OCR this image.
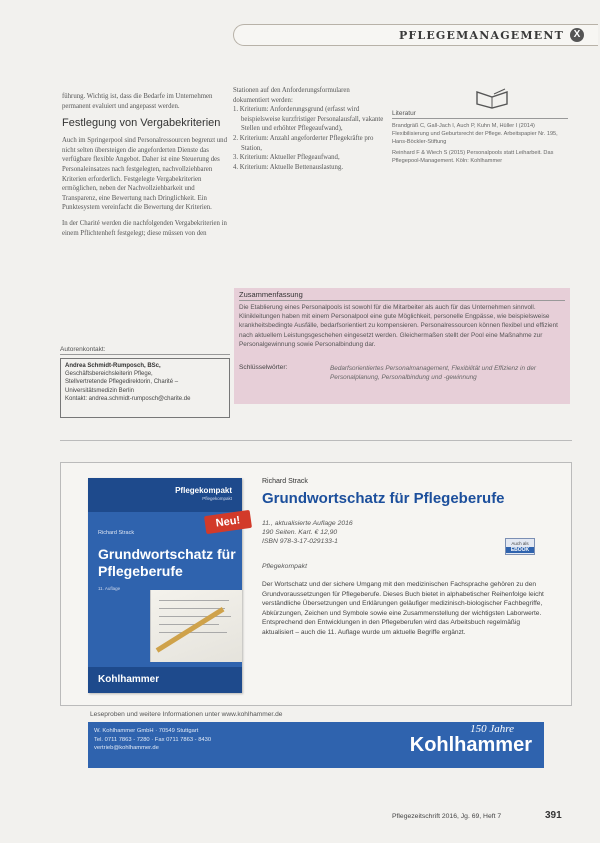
PFLEGEMANAGEMENT X

führung. Wichtig ist, dass die Bedarfe im Unternehmen permanent evaluiert und angepasst werden.

Festlegung von Vergabekriterien

Auch im Springerpool sind Personalressourcen begrenzt und nicht selten übersteigen die angeforderten Dienste das verfügbare flexible Angebot. Daher ist eine Steuerung des Personaleinsatzes nach festgelegten, nachvollziehbaren Kriterien erforderlich. Festgelegte Vergabekriterien ermöglichen, neben der Nachvollziehbarkeit und Transparenz, eine Bewertung nach Dringlichkeit. Ein Punktesystem vereinfacht die Bewertung der Kriterien.

In der Charité werden die nachfolgenden Vergabekriterien in einem Pflichtenheft festgelegt; diese müssen von den

Stationen auf den Anforderungsformularen dokumentiert werden:

1. Kriterium: Anforderungsgrund (erfasst wird beispielsweise kurzfristiger Personalausfall, vakante Stellen und erhöhter Pflegeaufwand),
2. Kriterium: Anzahl angeforderter Pflegekräfte pro Station,
3. Kriterium: Aktueller Pflegeaufwand,
4. Kriterium: Aktuelle Bettenauslastung.
Literatur

Brandgräß C, Gall-Jach I, Auch P, Kuhn M, Hüller I (2014) Flexibilisierung und Geburtsrecht der Pflege. Arbeitspapier Nr. 195, Hans-Böckler-Stiftung

Reinhard F & Wiech S (2015) Personalpools statt Leiharbeit. Das Pflegepool-Management. Köln: Kohlhammer

Autorenkontakt:
Andrea Schmidt-Rumposch, BSc,
Geschäftsbereichsleiterin Pflege,
Stellvertretende Pflegedirektorin, Charité – Universitätsmedizin Berlin
Kontakt: andrea.schmidt-rumposch@charite.de
Zusammenfassung
Die Etablierung eines Personalpools ist sowohl für die Mitarbeiter als auch für das Unternehmen sinnvoll. Klinikleitungen haben mit einem Personalpool eine gute Möglichkeit, personelle Engpässe, wie beispielsweise krankheitsbedingte Ausfälle, bedarfsorientiert zu kompensieren. Personalressourcen können flexibel und effizient nach aktuellem Leistungsgeschehen eingesetzt werden. Gleichermaßen stellt der Pool eine Maßnahme zur Personalgewinnung sowie Personalbindung dar.
Schlüsselwörter:	Bedarfsorientiertes Personalmanagement, Flexibilität und Effizienz in der Personalplanung, Personalbindung und -gewinnung
Pflegekompakt
Pflegekompakt
Richard Strack
Grundwortschatz für Pflegeberufe
11. Auflage
Kohlhammer
Neu!
Richard Strack
Grundwortschatz für Pflegeberufe
11., aktualisierte Auflage 2016
190 Seiten. Kart. € 12,90
ISBN 978-3-17-029133-1	Auch als
EBOOK
Pflegekompakt
Der Wortschatz und der sichere Umgang mit den medizinischen Fachsprache gehören zu den Grundvoraussetzungen für Pflegeberufe. Dieses Buch bietet in alphabetischer Reihenfolge leicht verständliche Übersetzungen und Erklärungen geläufiger medizinisch-biologischer Fachbegriffe, Abkürzungen, Zeichen und Symbole sowie eine Zusammenstellung der wichtigsten Laborwerte. Entsprechend den Entwicklungen in den Pflegeberufen wird das Arbeitsbuch regelmäßig aktualisiert – auch die 11. Auflage wurde um aktuelle Begriffe ergänzt.
Leseproben und weitere Informationen unter www.kohlhammer.de
W. Kohlhammer GmbH · 70549 Stuttgart
Tel. 0711 7863 - 7280 · Fax 0711 7863 - 8430
vertrieb@kohlhammer.de
150 Jahre
Kohlhammer
Pflegezeitschrift 2016, Jg. 69, Heft 7	391
